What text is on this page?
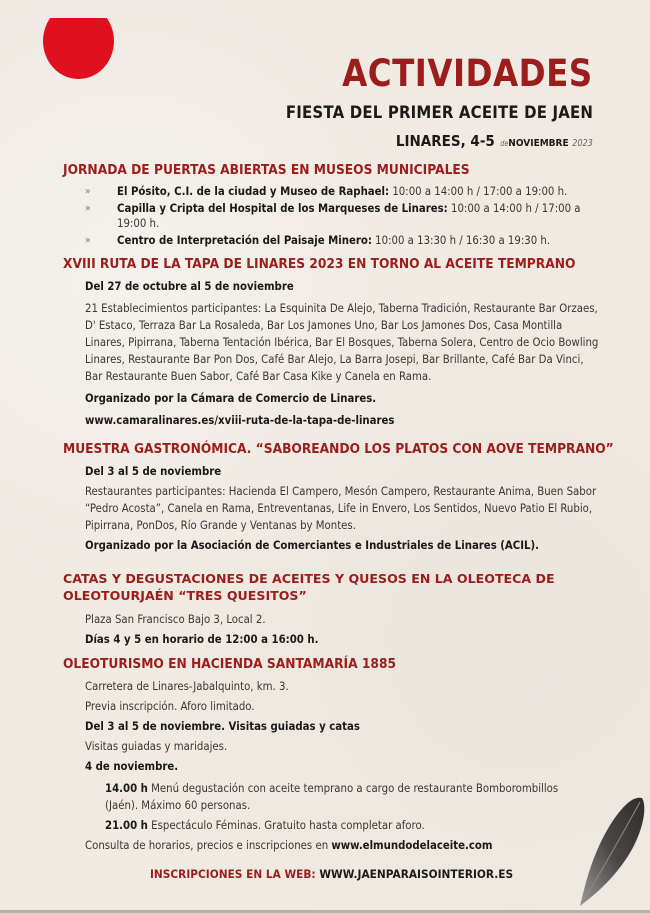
ACTIVIDADES
FIESTA DEL PRIMER ACEITE DE JAEN
LINARES, 4-5 deNOVIEMBRE 2023
JORNADA DE PUERTAS ABIERTAS EN MUSEOS MUNICIPALES
» El Pósito, C.I. de la ciudad y Museo de Raphael: 10:00 a 14:00 h / 17:00 a 19:00 h.
» Capilla y Cripta del Hospital de los Marqueses de Linares: 10:00 a 14:00 h / 17:00 a 19:00 h.
» Centro de Interpretación del Paisaje Minero: 10:00 a 13:30 h / 16:30 a 19:30 h.
XVIII RUTA DE LA TAPA DE LINARES 2023 EN TORNO AL ACEITE TEMPRANO
Del 27 de octubre al 5 de noviembre
21 Establecimientos participantes: La Esquinita De Alejo, Taberna Tradición, Restaurante Bar Orzaes, D' Estaco, Terraza Bar La Rosaleda, Bar Los Jamones Uno, Bar Los Jamones Dos, Casa Montilla Linares, Pipirrana, Taberna Tentación Ibérica, Bar El Bosques, Taberna Solera, Centro de Ocio Bowling Linares, Restaurante Bar Pon Dos, Café Bar Alejo, La Barra Josepi, Bar Brillante, Café Bar Da Vinci, Bar Restaurante Buen Sabor, Café Bar Casa Kike y Canela en Rama.
Organizado por la Cámara de Comercio de Linares.
www.camaralinares.es/xviii-ruta-de-la-tapa-de-linares
MUESTRA GASTRONÓMICA. “SABOREANDO LOS PLATOS CON AOVE TEMPRANO”
Del 3 al 5 de noviembre
Restaurantes participantes: Hacienda El Campero, Mesón Campero, Restaurante Anima, Buen Sabor “Pedro Acosta”, Canela en Rama, Entreventanas, Life in Envero, Los Sentidos, Nuevo Patio El Rubio, Pipirrana, PonDos, Río Grande y Ventanas by Montes.
Organizado por la Asociación de Comerciantes e Industriales de Linares (ACIL).
CATAS Y DEGUSTACIONES DE ACEITES Y QUESOS EN LA OLEOTECA DE OLEOTOURJAÉN “TRES QUESITOS”
Plaza San Francisco Bajo 3, Local 2.
Días 4 y 5 en horario de 12:00 a 16:00 h.
OLEOTURISMO EN HACIENDA SANTAMARÍA 1885
Carretera de Linares-Jabalquinto, km. 3.
Previa inscripción. Aforo limitado.
Del 3 al 5 de noviembre. Visitas guiadas y catas
Visitas guiadas y maridajes.
4 de noviembre.
14.00 h Menú degustación con aceite temprano a cargo de restaurante Bomborombillos (Jaén). Máximo 60 personas.
21.00 h Espectáculo Féminas. Gratuito hasta completar aforo.
Consulta de horarios, precios e inscripciones en www.elmundodelaceite.com
INSCRIPCIONES EN LA WEB: WWW.JAENPARAISOINTERIOR.ES
